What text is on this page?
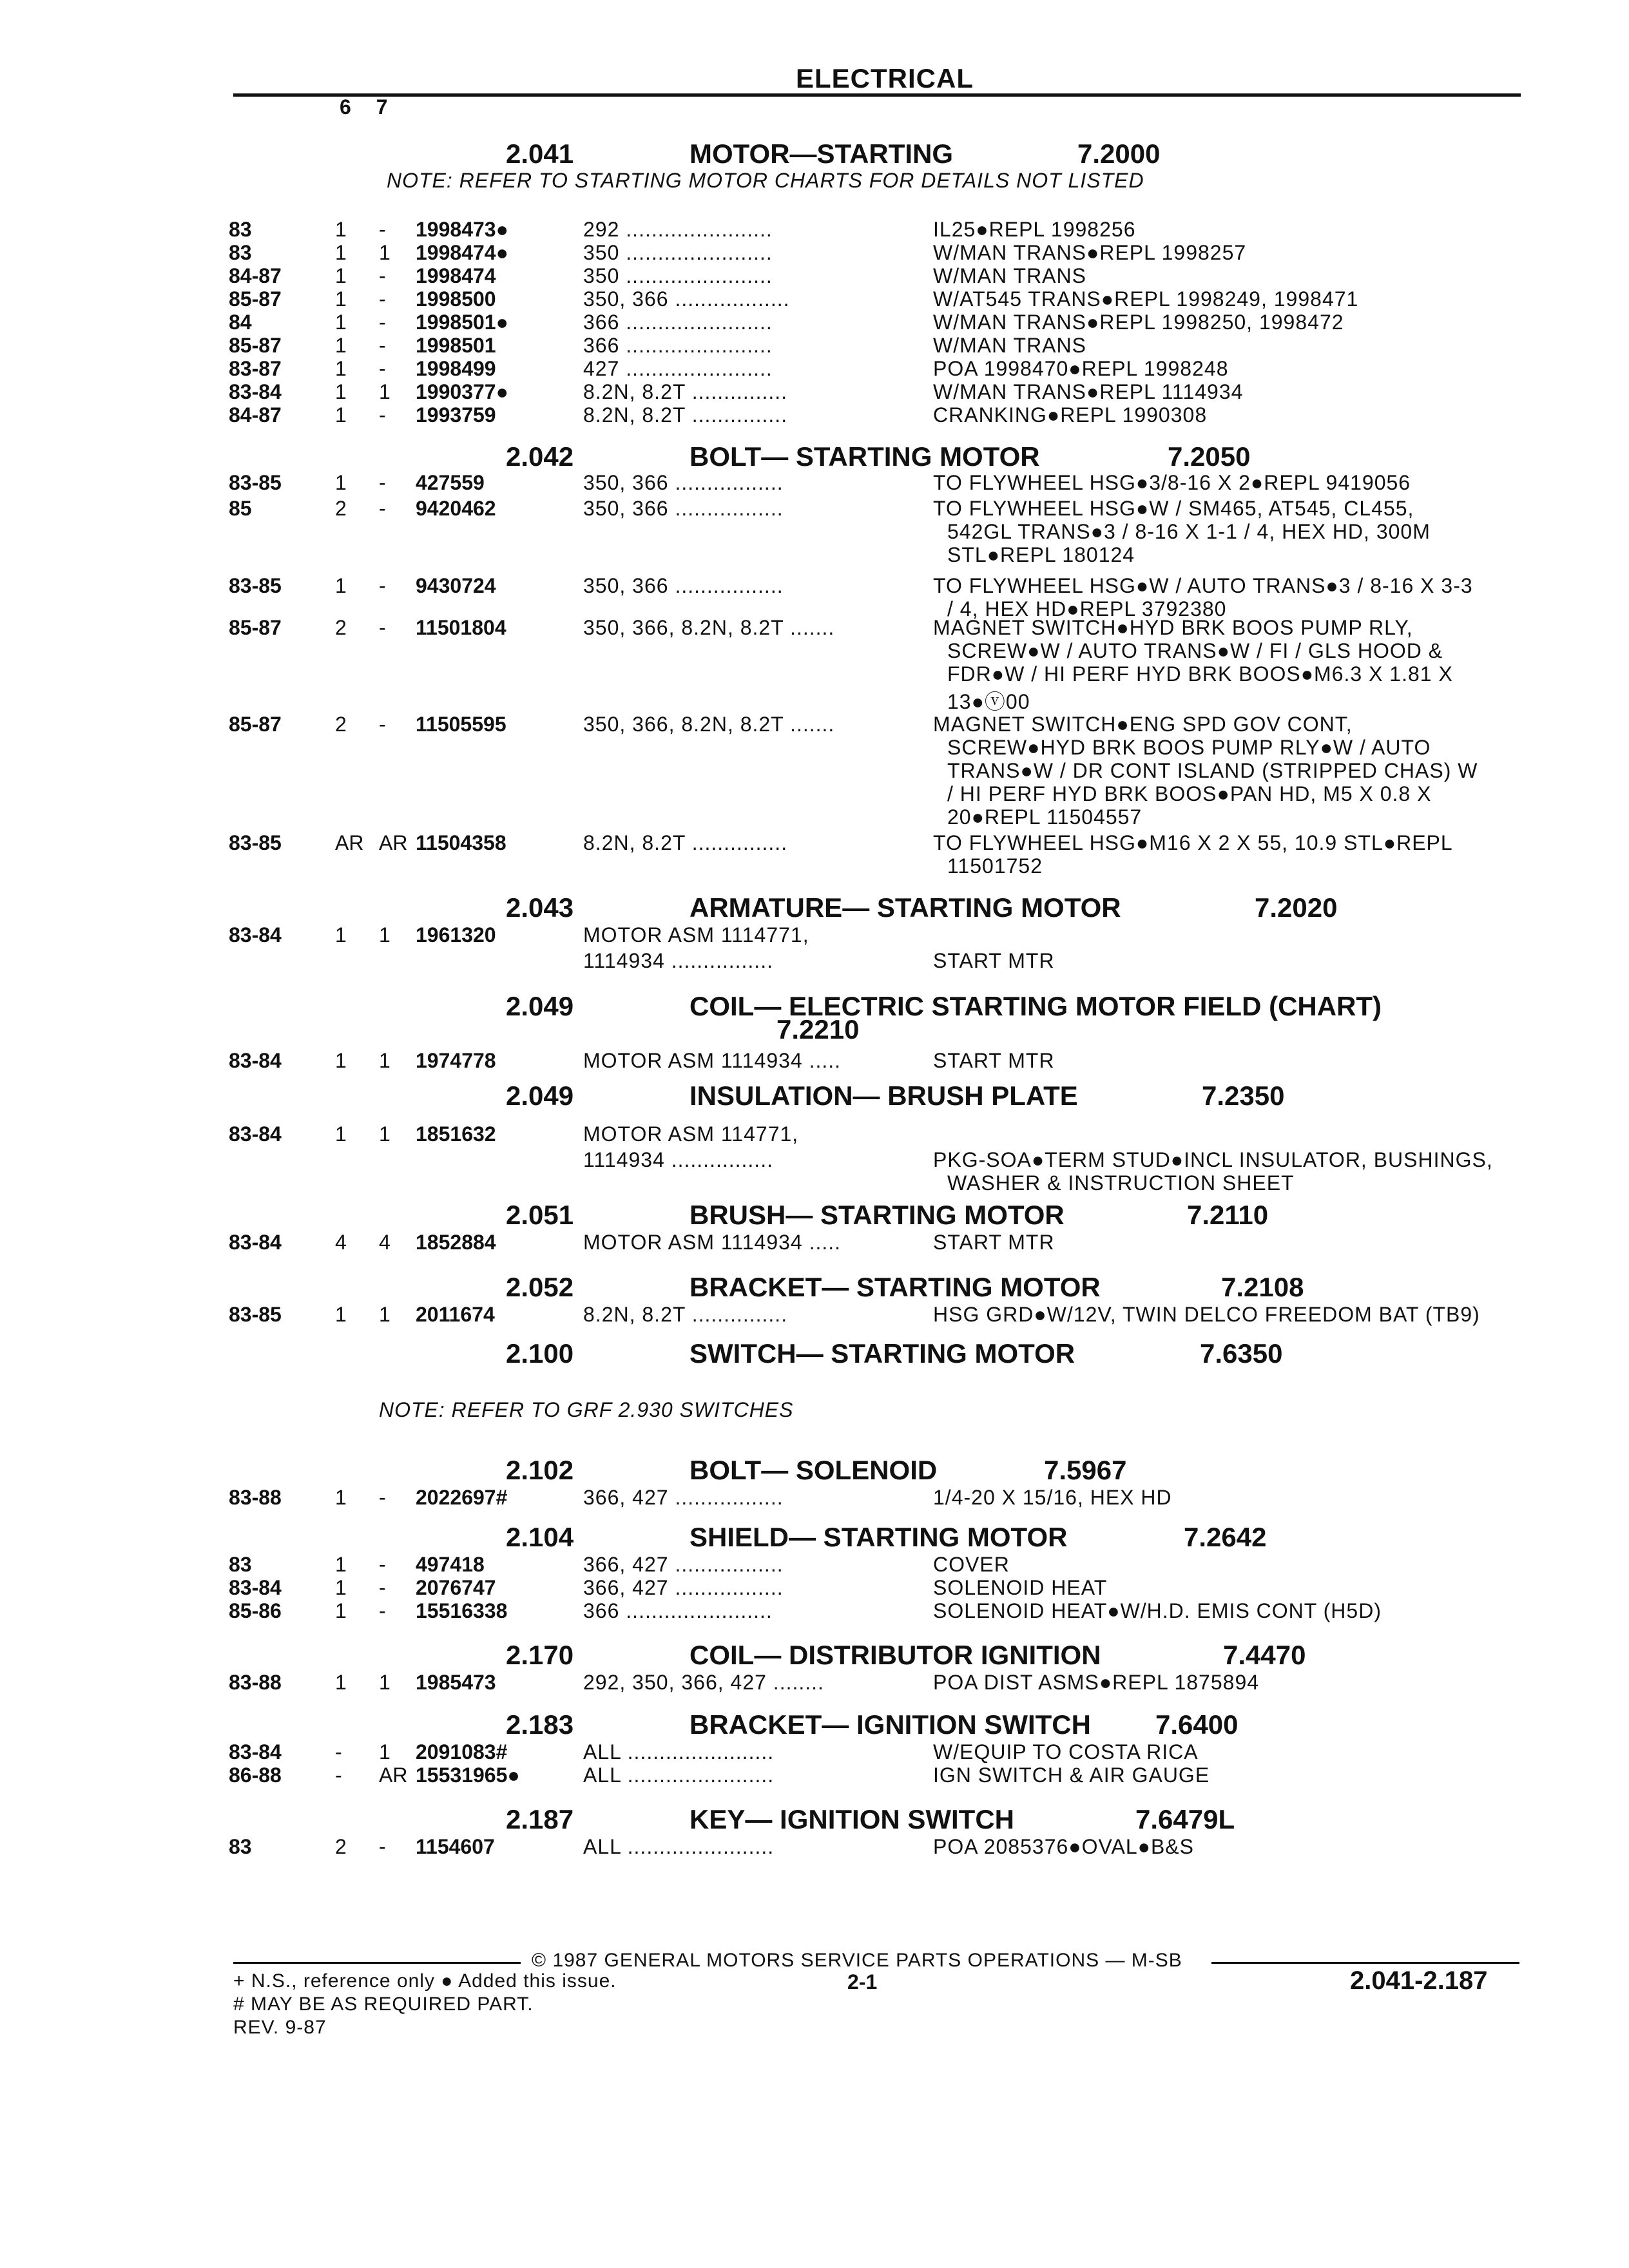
ELECTRICAL
6 7
2.041	MOTOR—STARTING	7.2000
NOTE: REFER TO STARTING MOTOR CHARTS FOR DETAILS NOT LISTED
83	1 - 1998473●	292 .......................	IL25●REPL 1998256
83	1 1 1998474●	350 .......................	W/MAN TRANS●REPL 1998257
84-87	1 - 1998474	350 .......................	W/MAN TRANS
85-87	1 - 1998500	350, 366 ..................	W/AT545 TRANS●REPL 1998249, 1998471
84	1 - 1998501●	366 .......................	W/MAN TRANS●REPL 1998250, 1998472
85-87	1 - 1998501	366 .......................	W/MAN TRANS
83-87	1 - 1998499	427 .......................	POA 1998470●REPL 1998248
83-84	1 1 1990377●	8.2N, 8.2T ...............	W/MAN TRANS●REPL 1114934
84-87	1 - 1993759	8.2N, 8.2T ...............	CRANKING●REPL 1990308
2.042	BOLT— STARTING MOTOR	7.2050
83-85	1 - 427559	350, 366 .................	TO FLYWHEEL HSG●3/8-16 X 2●REPL 9419056
85	2 - 9420462	350, 366 .................	TO FLYWHEEL HSG●W / SM465, AT545, CL455,
542GL TRANS●3 / 8-16 X 1-1 / 4, HEX HD, 300M
STL●REPL 180124
83-85	1 - 9430724	350, 366 .................	TO FLYWHEEL HSG●W / AUTO TRANS●3 / 8-16 X 3-3
/ 4, HEX HD●REPL 3792380
85-87	2 - 11501804	350, 366, 8.2N, 8.2T .......	MAGNET SWITCH●HYD BRK BOOS PUMP RLY,
SCREW●W / AUTO TRANS●W / FI / GLS HOOD &
FDR●W / HI PERF HYD BRK BOOS●M6.3 X 1.81 X
13●ⓥ00
85-87	2 - 11505595	350, 366, 8.2N, 8.2T .......	MAGNET SWITCH●ENG SPD GOV CONT,
SCREW●HYD BRK BOOS PUMP RLY●W / AUTO
TRANS●W / DR CONT ISLAND (STRIPPED CHAS) W
/ HI PERF HYD BRK BOOS●PAN HD, M5 X 0.8 X
20●REPL 11504557
83-85	AR AR 11504358	8.2N, 8.2T ...............	TO FLYWHEEL HSG●M16 X 2 X 55, 10.9 STL●REPL
11501752
2.043	ARMATURE— STARTING MOTOR	7.2020
83-84	1 1 1961320	MOTOR ASM 1114771,
1114934 ................	START MTR
2.049	COIL— ELECTRIC STARTING MOTOR FIELD (CHART)
7.2210
83-84	1 1 1974778	MOTOR ASM 1114934 .....	START MTR
2.049	INSULATION— BRUSH PLATE	7.2350
83-84	1 1 1851632	MOTOR ASM 114771,
1114934 ................	PKG-SOA●TERM STUD●INCL INSULATOR, BUSHINGS,
WASHER & INSTRUCTION SHEET
2.051	BRUSH— STARTING MOTOR	7.2110
83-84	4 4 1852884	MOTOR ASM 1114934 .....	START MTR
2.052	BRACKET— STARTING MOTOR	7.2108
83-85	1 1 2011674	8.2N, 8.2T ...............	HSG GRD●W/12V, TWIN DELCO FREEDOM BAT (TB9)
2.100	SWITCH— STARTING MOTOR	7.6350
NOTE: REFER TO GRF 2.930 SWITCHES
2.102	BOLT— SOLENOID	7.5967
83-88	1 - 2022697#	366, 427 .................	1/4-20 X 15/16, HEX HD
2.104	SHIELD— STARTING MOTOR	7.2642
83	1 - 497418	366, 427 .................	COVER
83-84	1 - 2076747	366, 427 .................	SOLENOID HEAT
85-86	1 - 15516338	366 .......................	SOLENOID HEAT●W/H.D. EMIS CONT (H5D)
2.170	COIL— DISTRIBUTOR IGNITION	7.4470
83-88	1 1 1985473	292, 350, 366, 427 ........	POA DIST ASMS●REPL 1875894
2.183	BRACKET— IGNITION SWITCH 7.6400
83-84	- 1 2091083#	ALL .......................	W/EQUIP TO COSTA RICA
86-88	- AR 15531965●	ALL .......................	IGN SWITCH & AIR GAUGE
2.187	KEY— IGNITION SWITCH	7.6479L
83	2 - 1154607	ALL .......................	POA 2085376●OVAL●B&S
© 1987 GENERAL MOTORS SERVICE PARTS OPERATIONS — M-SB
+ N.S., reference only ● Added this issue.
# MAY BE AS REQUIRED PART.
REV. 9-87
2-1	2.041-2.187
